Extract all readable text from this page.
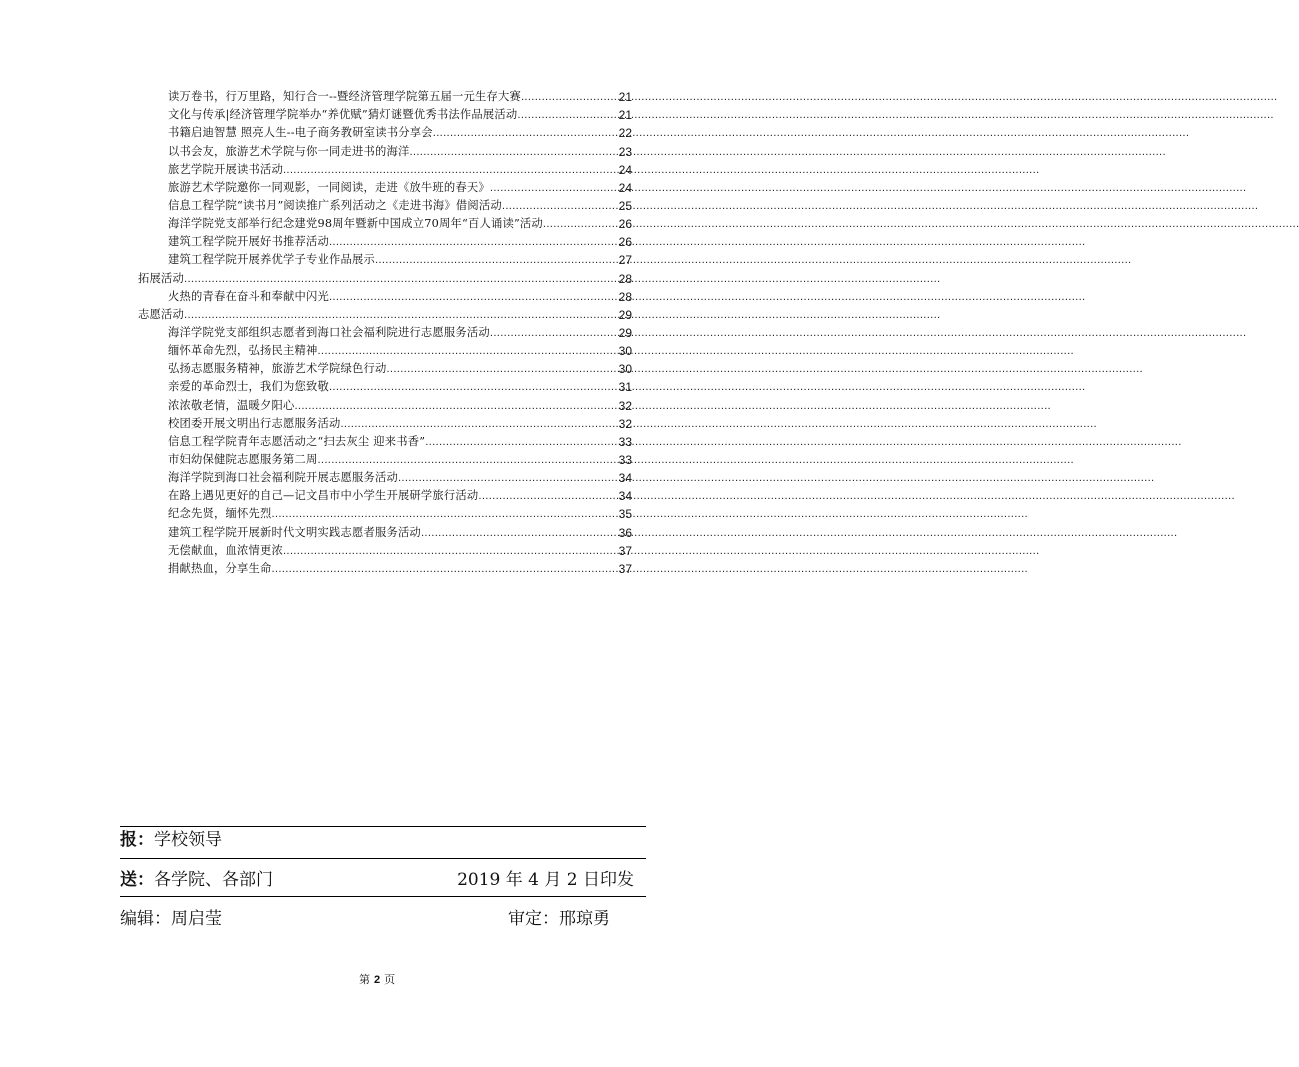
读万卷书，行万里路，知行合一--暨经济管理学院第五届一元生存大赛 .....	21
文化与传承|经济管理学院举办“养优赋”猜灯谜暨优秀书法作品展活动 .....	21
书籍启迪智慧 照亮人生--电子商务教研室读书分享会 .....	22
以书会友，旅游艺术学院与你一同走进书的海洋 .....	23
旅艺学院开展读书活动 .....	24
旅游艺术学院邀你一同观影，一同阅读，走进《放牛班的春天》 .....	24
信息工程学院“读书月”阅读推广系列活动之《走进书海》借阅活动 .....	25
海洋学院党支部举行纪念建党98周年暨新中国成立70周年“百人诵读”活动 .....	26
建筑工程学院开展好书推荐活动 .....	26
建筑工程学院开展养优学子专业作品展示 .....	27
拓展活动 .....	28
火热的青春在奋斗和奉献中闪光 .....	28
志愿活动 .....	29
海洋学院党支部组织志愿者到海口社会福利院进行志愿服务活动 .....	29
缅怀革命先烈，弘扬民主精神 .....	30
弘扬志愿服务精神，旅游艺术学院绿色行动 .....	30
亲爱的革命烈士，我们为您致敬 .....	31
浓浓敬老情，温暖夕阳心 .....	32
校团委开展文明出行志愿服务活动 .....	32
信息工程学院青年志愿活动之“扫去灰尘 迎来书香” .....	33
市妇幼保健院志愿服务第二周 .....	33
海洋学院到海口社会福利院开展志愿服务活动 .....	34
在路上遇见更好的自己—记文昌市中小学生开展研学旅行活动 .....	34
纪念先贤，缅怀先烈 .....	35
建筑工程学院开展新时代文明实践志愿者服务活动 .....	36
无偿献血，血浓情更浓 .....	37
捐献热血，分享生命 .....	37
报：学校领导
送：各学院、各部门	2019 年 4 月 2 日印发
编辑：周启莹	审定：邢琼勇
第 2 页
